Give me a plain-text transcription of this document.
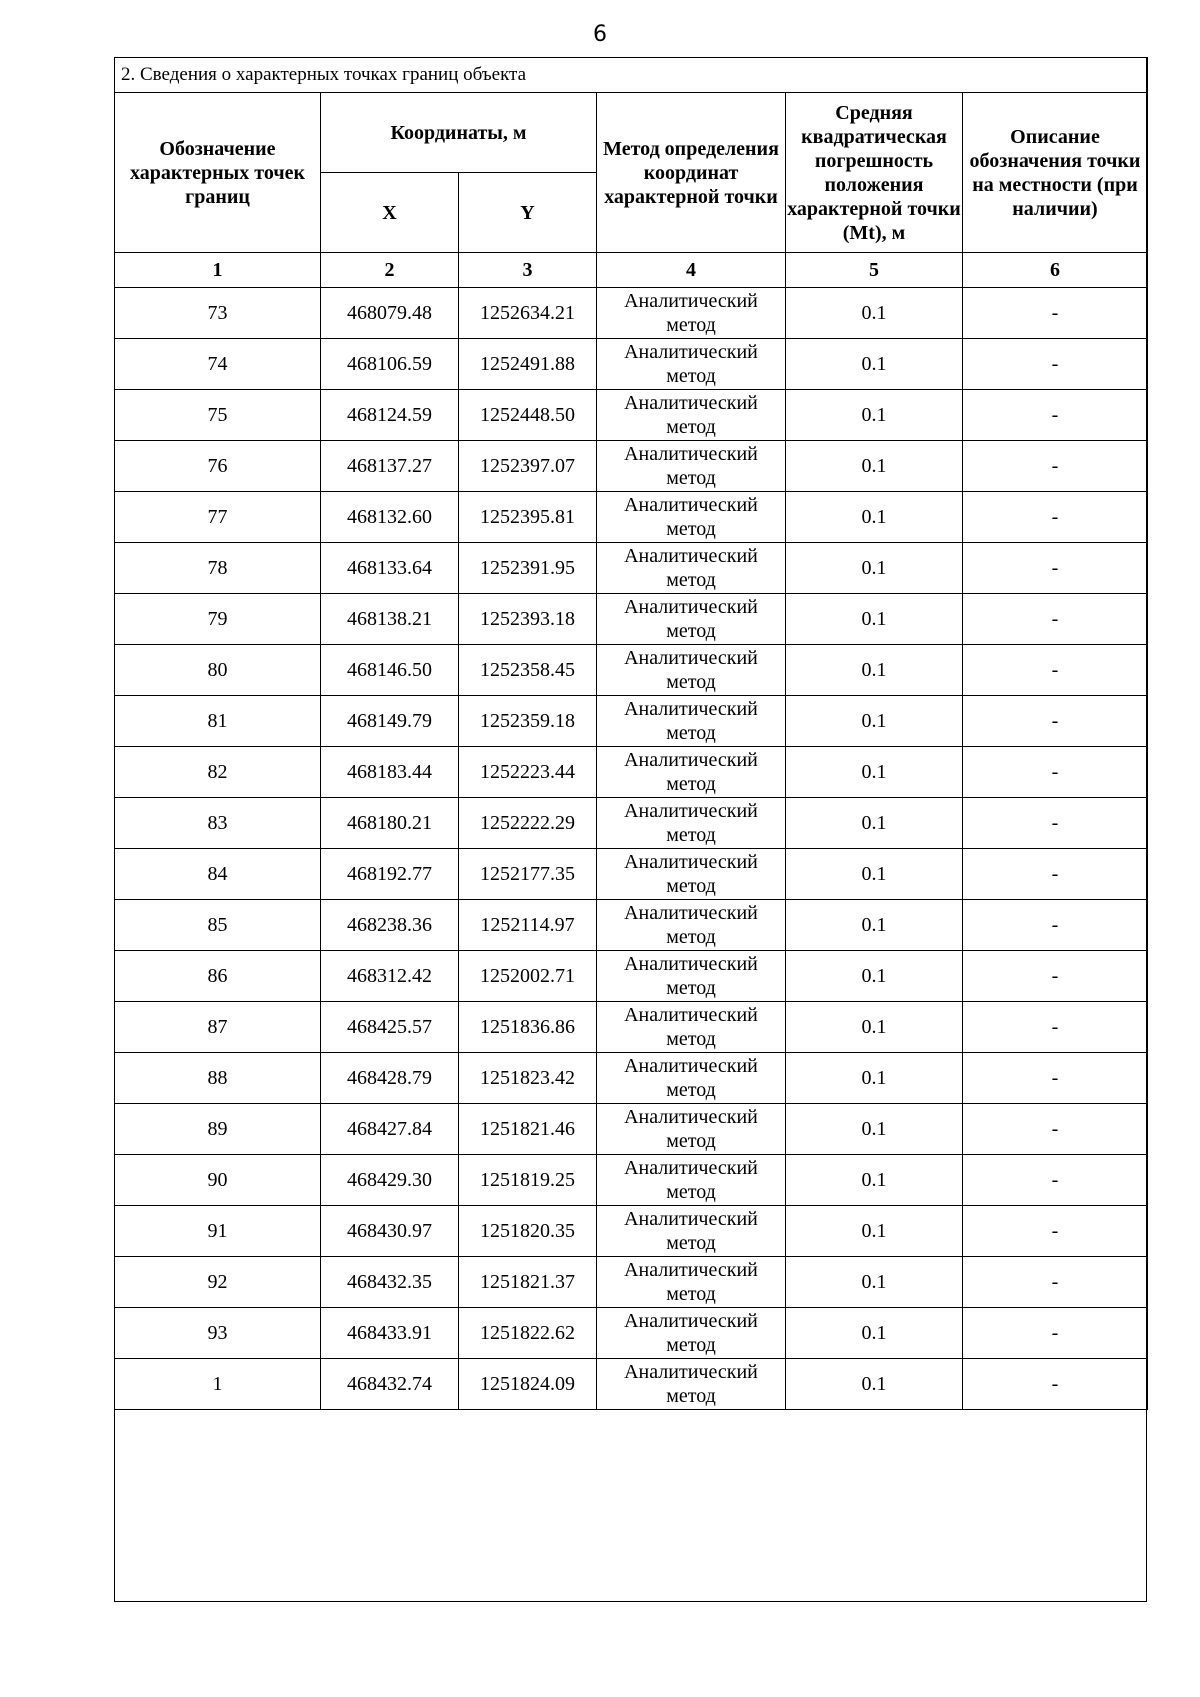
6
2. Сведения о характерных точках границ объекта					
Обозначение характерных точек границ	Координаты, м		Метод определения координат характерной точки	Средняя квадратическая погрешность положения характерной точки (Mt), м	Описание обозначения точки на местности (при наличии)
	X	Y			
1	2	3	4	5	6
73	468079.48	1252634.21	Аналитический метод	0.1	-
74	468106.59	1252491.88	Аналитический метод	0.1	-
75	468124.59	1252448.50	Аналитический метод	0.1	-
76	468137.27	1252397.07	Аналитический метод	0.1	-
77	468132.60	1252395.81	Аналитический метод	0.1	-
78	468133.64	1252391.95	Аналитический метод	0.1	-
79	468138.21	1252393.18	Аналитический метод	0.1	-
80	468146.50	1252358.45	Аналитический метод	0.1	-
81	468149.79	1252359.18	Аналитический метод	0.1	-
82	468183.44	1252223.44	Аналитический метод	0.1	-
83	468180.21	1252222.29	Аналитический метод	0.1	-
84	468192.77	1252177.35	Аналитический метод	0.1	-
85	468238.36	1252114.97	Аналитический метод	0.1	-
86	468312.42	1252002.71	Аналитический метод	0.1	-
87	468425.57	1251836.86	Аналитический метод	0.1	-
88	468428.79	1251823.42	Аналитический метод	0.1	-
89	468427.84	1251821.46	Аналитический метод	0.1	-
90	468429.30	1251819.25	Аналитический метод	0.1	-
91	468430.97	1251820.35	Аналитический метод	0.1	-
92	468432.35	1251821.37	Аналитический метод	0.1	-
93	468433.91	1251822.62	Аналитический метод	0.1	-
1	468432.74	1251824.09	Аналитический метод	0.1	-
